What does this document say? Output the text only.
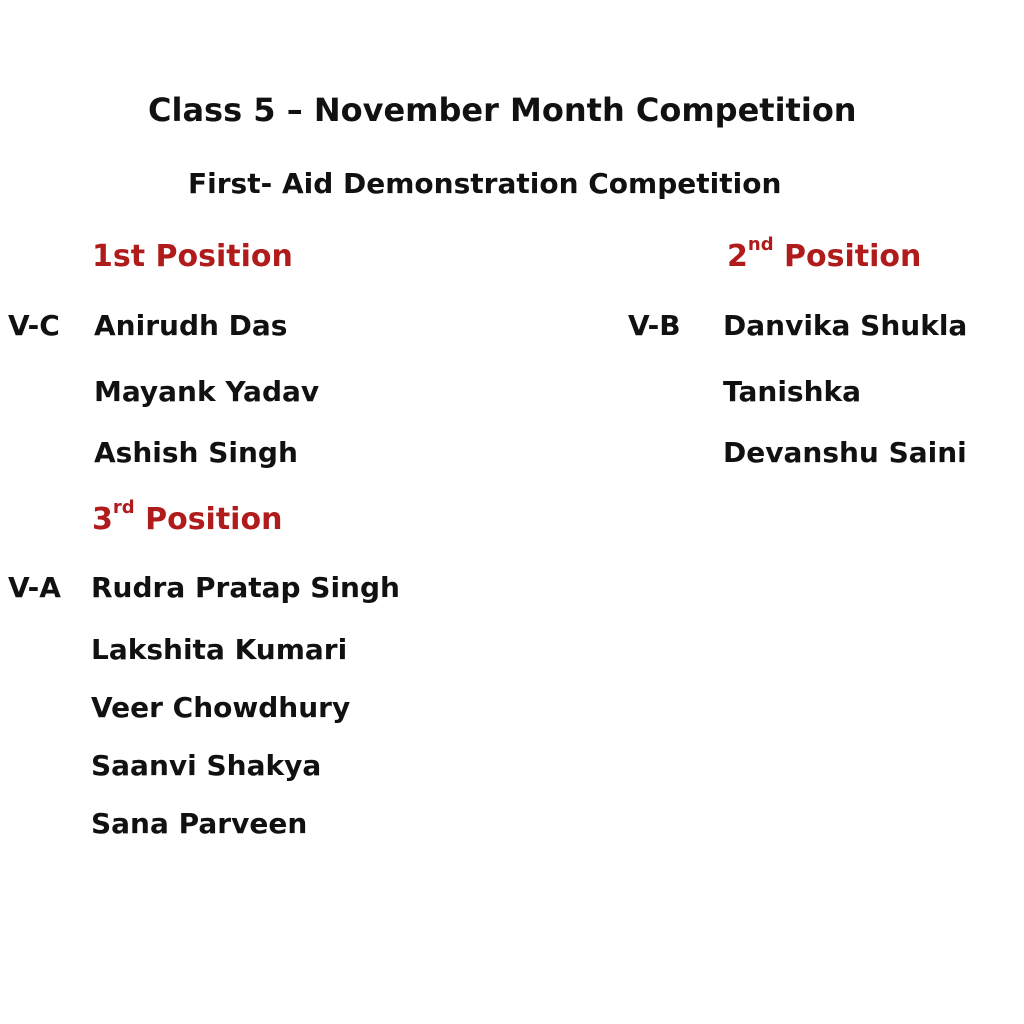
Class 5 – November Month Competition
First- Aid Demonstration Competition
1st Position
V-C Anirudh Das
Mayank Yadav
Ashish Singh
2nd Position
V-B Danvika Shukla
Tanishka
Devanshu Saini
3rd Position
V-A Rudra Pratap Singh
Lakshita Kumari
Veer Chowdhury
Saanvi Shakya
Sana Parveen
